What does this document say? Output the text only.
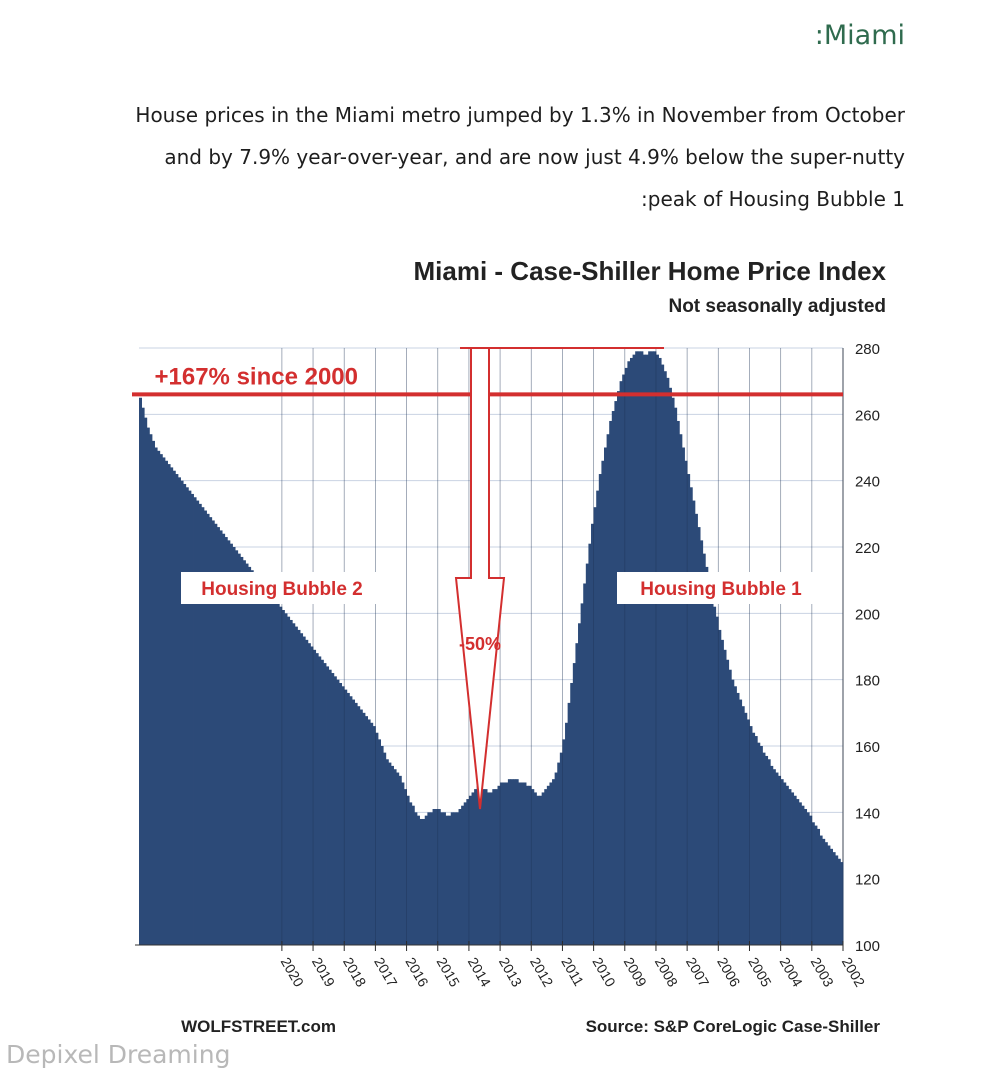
:Miami
House prices in the Miami metro jumped by 1.3% in November from October
and by 7.9% year-over-year, and are now just 4.9% below the super-nutty
:peak of Housing Bubble 1
Miami - Case-Shiller Home Price Index
Not seasonally adjusted
280
260
240
220
200
180
160
140
120
100
2002
2003
2004
2005
2006
2007
2008
2009
2010
2011
2012
2013
2014
2015
2016
2017
2018
2019
2020
+167% since 2000
Housing Bubble 2	Housing Bubble 1
-50%
Source: S&P CoreLogic Case-Shiller
WOLFSTREET.com
Depixel Dreaming
